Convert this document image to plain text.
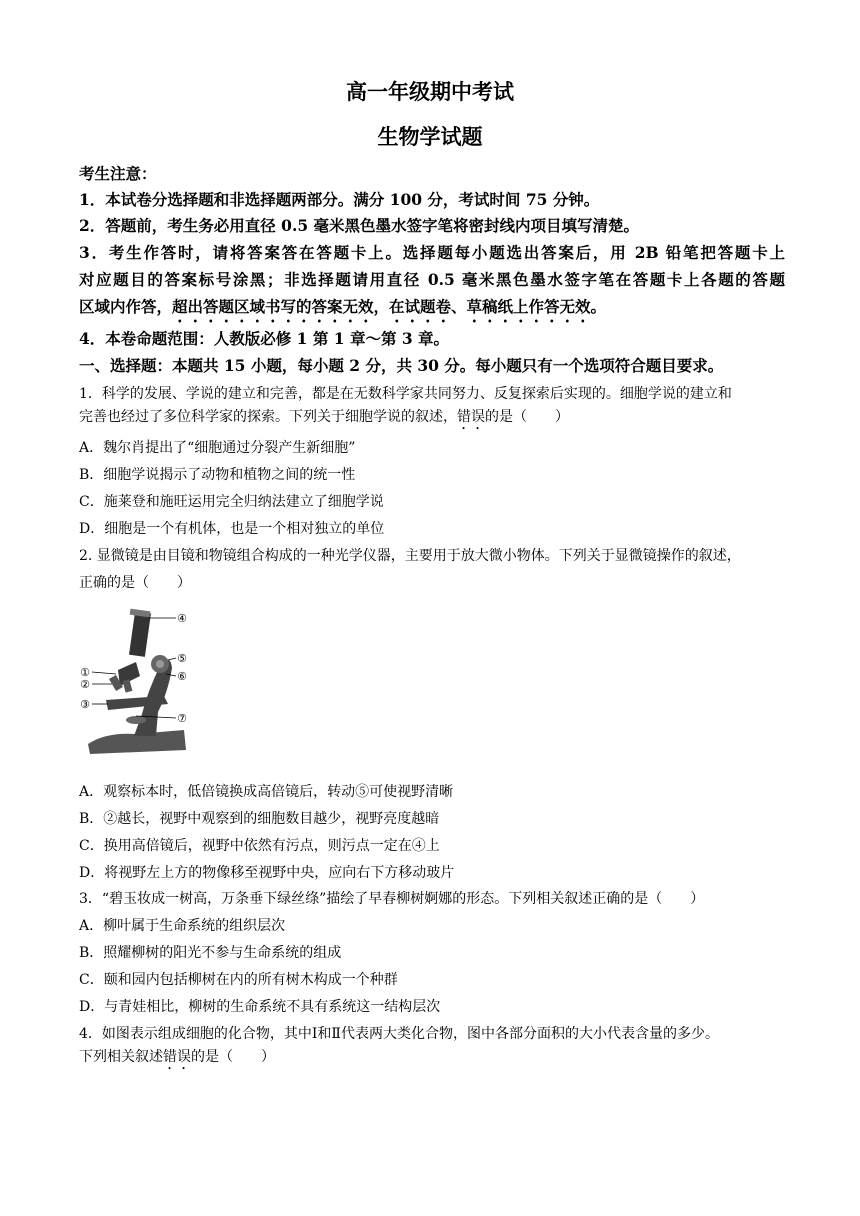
高一年级期中考试
生物学试题
考生注意：
1．本试卷分选择题和非选择题两部分。满分 100 分，考试时间 75 分钟。
2．答题前，考生务必用直径 0.5 毫米黑色墨水签字笔将密封线内项目填写清楚。
3．考生作答时，请将答案答在答题卡上。选择题每小题选出答案后，用 2B 铅笔把答题卡上
对应题目的答案标号涂黑；非选择题请用直径 0.5 毫米黑色墨水签字笔在答题卡上各题的答题
区域内作答，超出答题区域书写的答案无效，在试题卷、草稿纸上作答无效。
4．本卷命题范围：人教版必修 1 第 1 章～第 3 章。
一、选择题：本题共 15 小题，每小题 2 分，共 30 分。每小题只有一个选项符合题目要求。
1．科学的发展、学说的建立和完善，都是在无数科学家共同努力、反复探索后实现的。细胞学说的建立和
完善也经过了多位科学家的探索。下列关于细胞学说的叙述，错误的是（　　）
A．魏尔肖提出了“细胞通过分裂产生新细胞”
B．细胞学说揭示了动物和植物之间的统一性
C．施莱登和施旺运用完全归纳法建立了细胞学说
D．细胞是一个有机体，也是一个相对独立的单位
2. 显微镜是由目镜和物镜组合构成的一种光学仪器，主要用于放大微小物体。下列关于显微镜操作的叙述，
正确的是（　　）
①
②
③
④
⑤
⑥
⑦
A．观察标本时，低倍镜换成高倍镜后，转动⑤可使视野清晰
B．②越长，视野中观察到的细胞数目越少，视野亮度越暗
C．换用高倍镜后，视野中依然有污点，则污点一定在④上
D．将视野左上方的物像移至视野中央，应向右下方移动玻片
3．“碧玉妆成一树高，万条垂下绿丝绦”描绘了早春柳树婀娜的形态。下列相关叙述正确的是（　　）
A．柳叶属于生命系统的组织层次
B．照耀柳树的阳光不参与生命系统的组成
C．颐和园内包括柳树在内的所有树木构成一个种群
D．与青娃相比，柳树的生命系统不具有系统这一结构层次
4．如图表示组成细胞的化合物，其中Ⅰ和Ⅱ代表两大类化合物，图中各部分面积的大小代表含量的多少。
下列相关叙述错误的是（　　）
